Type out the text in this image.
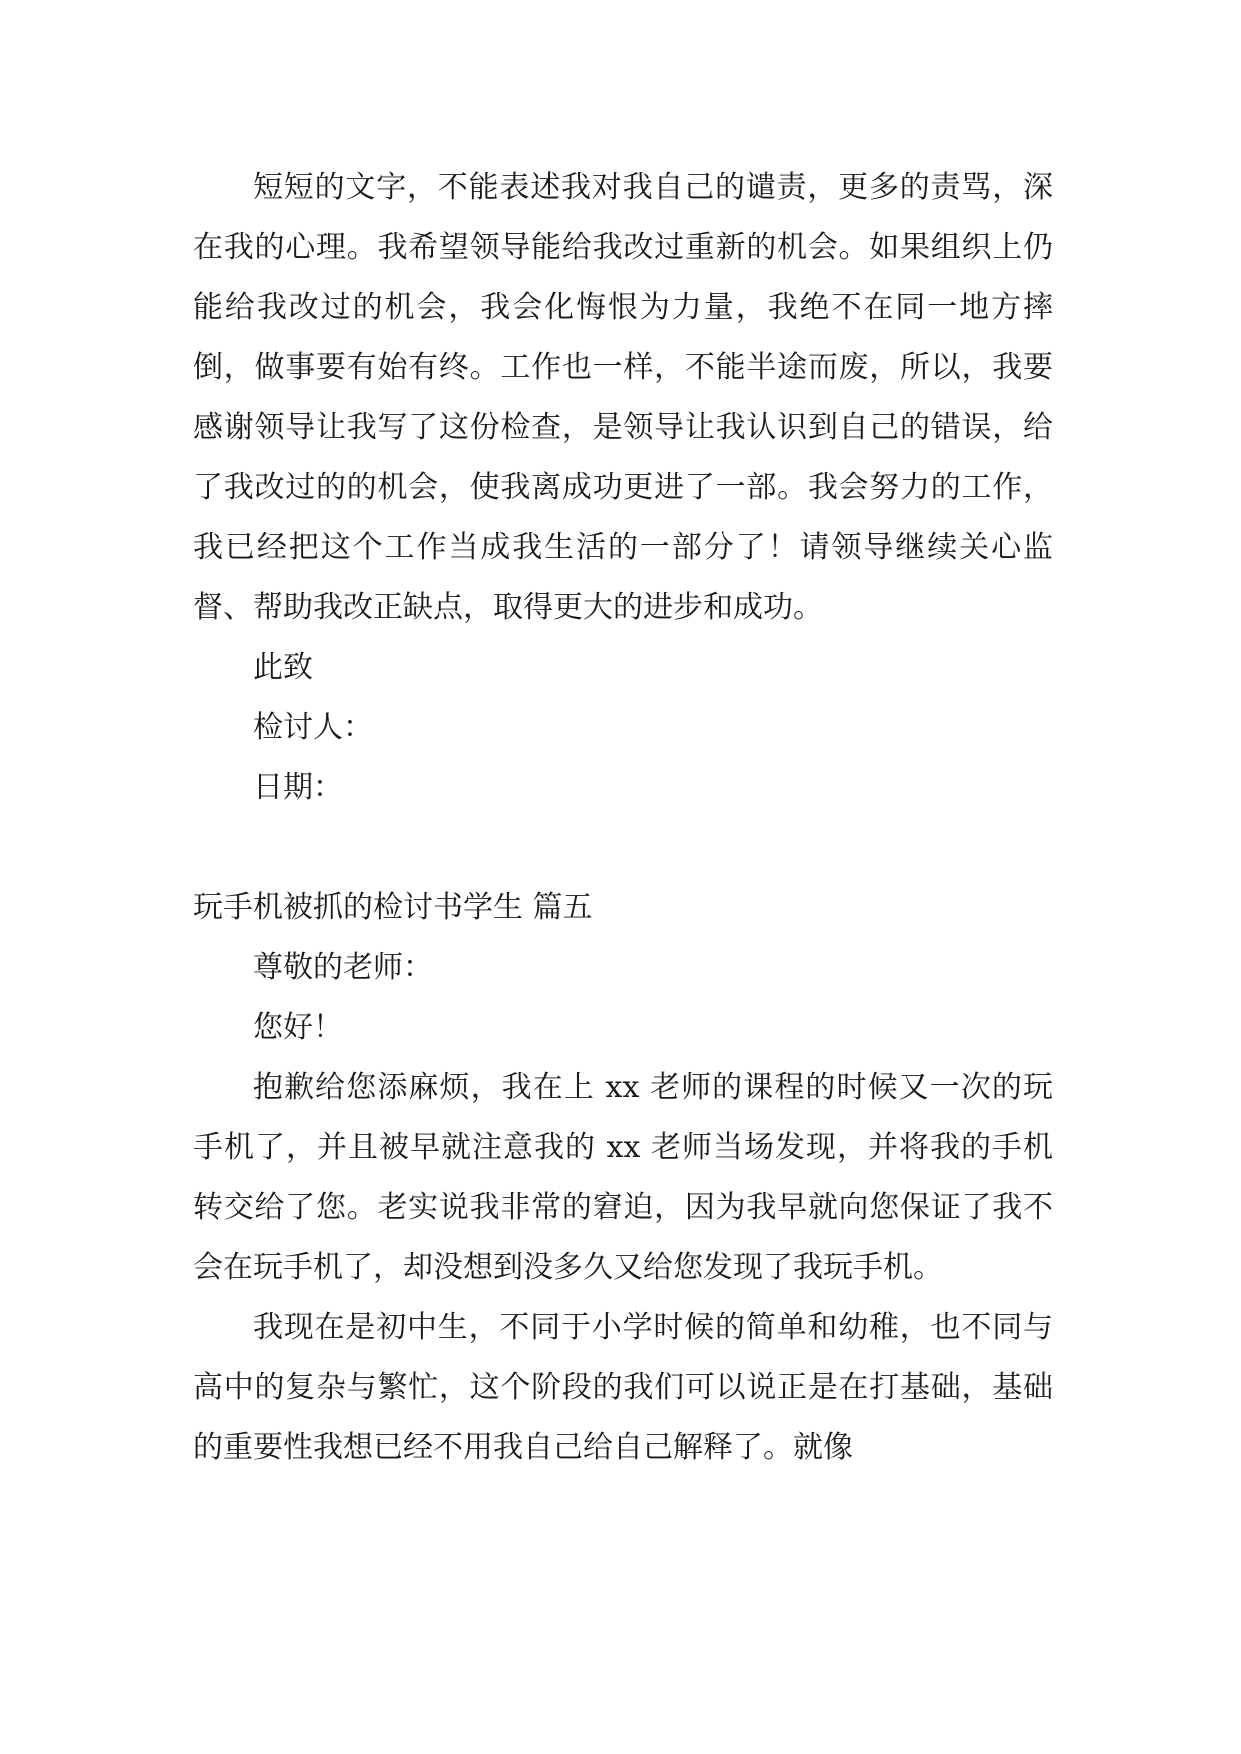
短短的文字，不能表述我对我自己的谴责，更多的责骂，深在我的心理。我希望领导能给我改过重新的机会。如果组织上仍能给我改过的机会，我会化悔恨为力量，我绝不在同一地方摔倒，做事要有始有终。工作也一样，不能半途而废，所以，我要感谢领导让我写了这份检查，是领导让我认识到自己的错误，给了我改过的的机会，使我离成功更进了一部。我会努力的工作，我已经把这个工作当成我生活的一部分了！请领导继续关心监督、帮助我改正缺点，取得更大的进步和成功。

此致

检讨人：

日期：

玩手机被抓的检讨书学生 篇五

尊敬的老师：

您好！

抱歉给您添麻烦，我在上 xx 老师的课程的时候又一次的玩手机了，并且被早就注意我的 xx 老师当场发现，并将我的手机转交给了您。老实说我非常的窘迫，因为我早就向您保证了我不会在玩手机了，却没想到没多久又给您发现了我玩手机。

我现在是初中生，不同于小学时候的简单和幼稚，也不同与高中的复杂与繁忙，这个阶段的我们可以说正是在打基础，基础的重要性我想已经不用我自己给自己解释了。就像
